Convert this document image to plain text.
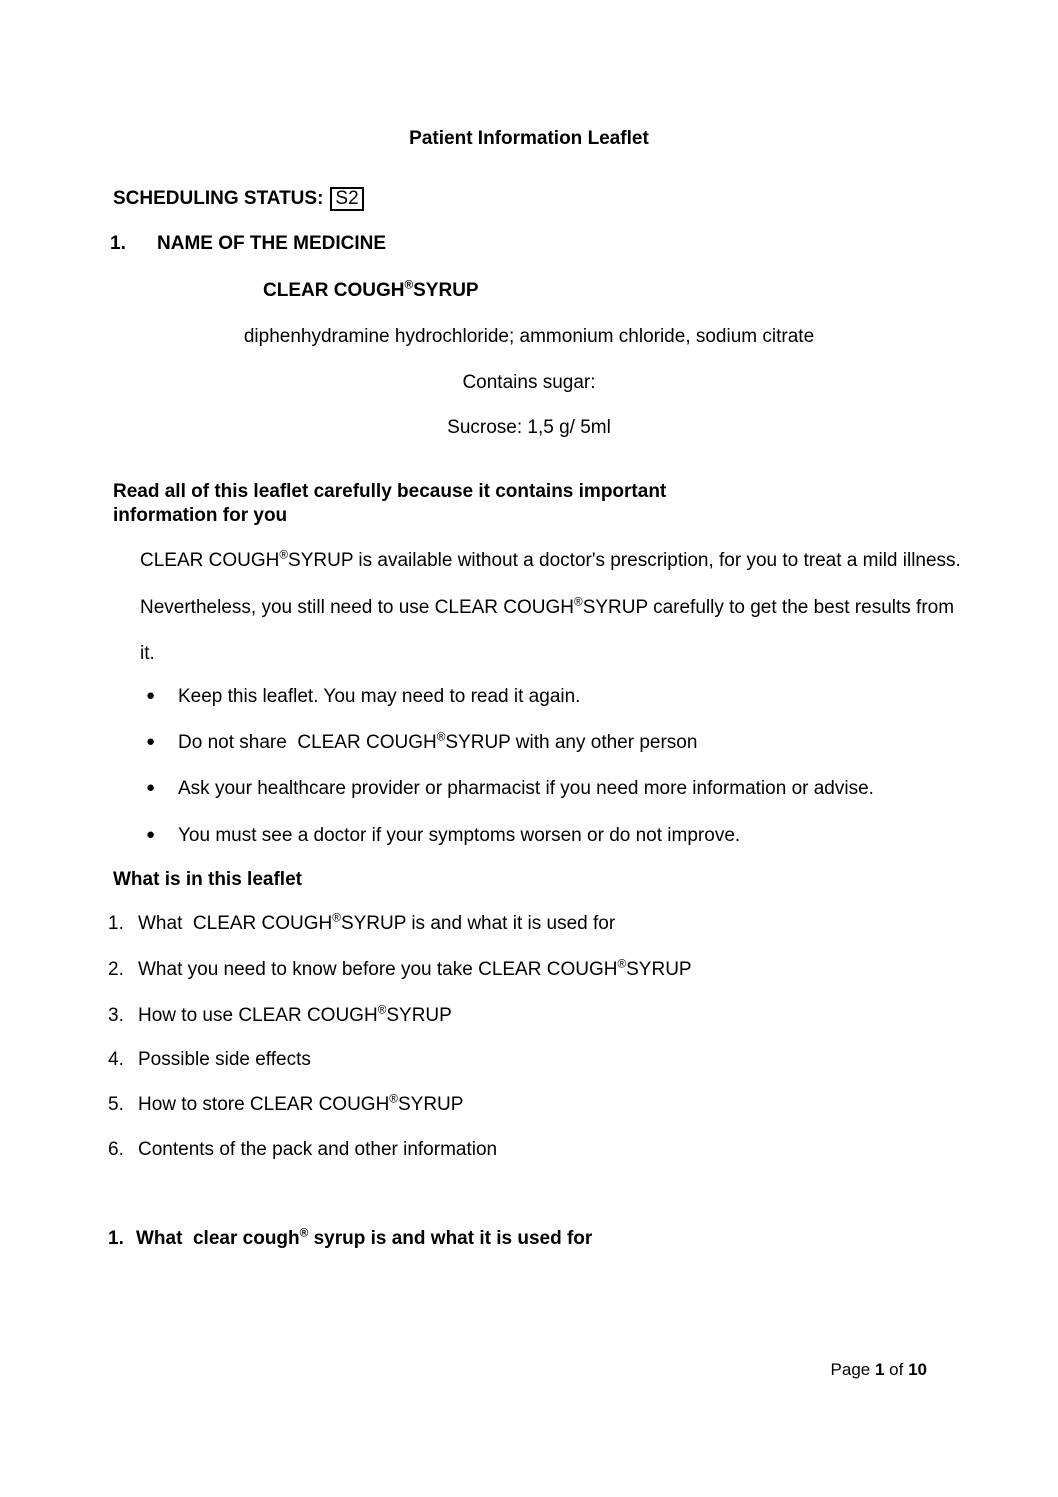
Patient Information Leaflet
SCHEDULING STATUS: S2
1.	NAME OF THE MEDICINE
CLEAR COUGH®SYRUP
diphenhydramine hydrochloride; ammonium chloride, sodium citrate
Contains sugar:
Sucrose: 1,5 g/ 5ml
Read all of this leaflet carefully because it contains important
information for you
CLEAR COUGH®SYRUP is available without a doctor's prescription, for you to treat a mild illness.
Nevertheless, you still need to use CLEAR COUGH®SYRUP carefully to get the best results from
it.
●	Keep this leaflet. You may need to read it again.
●	Do not share  CLEAR COUGH®SYRUP with any other person
●	Ask your healthcare provider or pharmacist if you need more information or advise.
●	You must see a doctor if your symptoms worsen or do not improve.
What is in this leaflet
1. What  CLEAR COUGH®SYRUP is and what it is used for
2. What you need to know before you take CLEAR COUGH®SYRUP
3. How to use CLEAR COUGH®SYRUP
4. Possible side effects
5. How to store CLEAR COUGH®SYRUP
6. Contents of the pack and other information
1. What  clear cough® syrup is and what it is used for
Page 1 of 10
